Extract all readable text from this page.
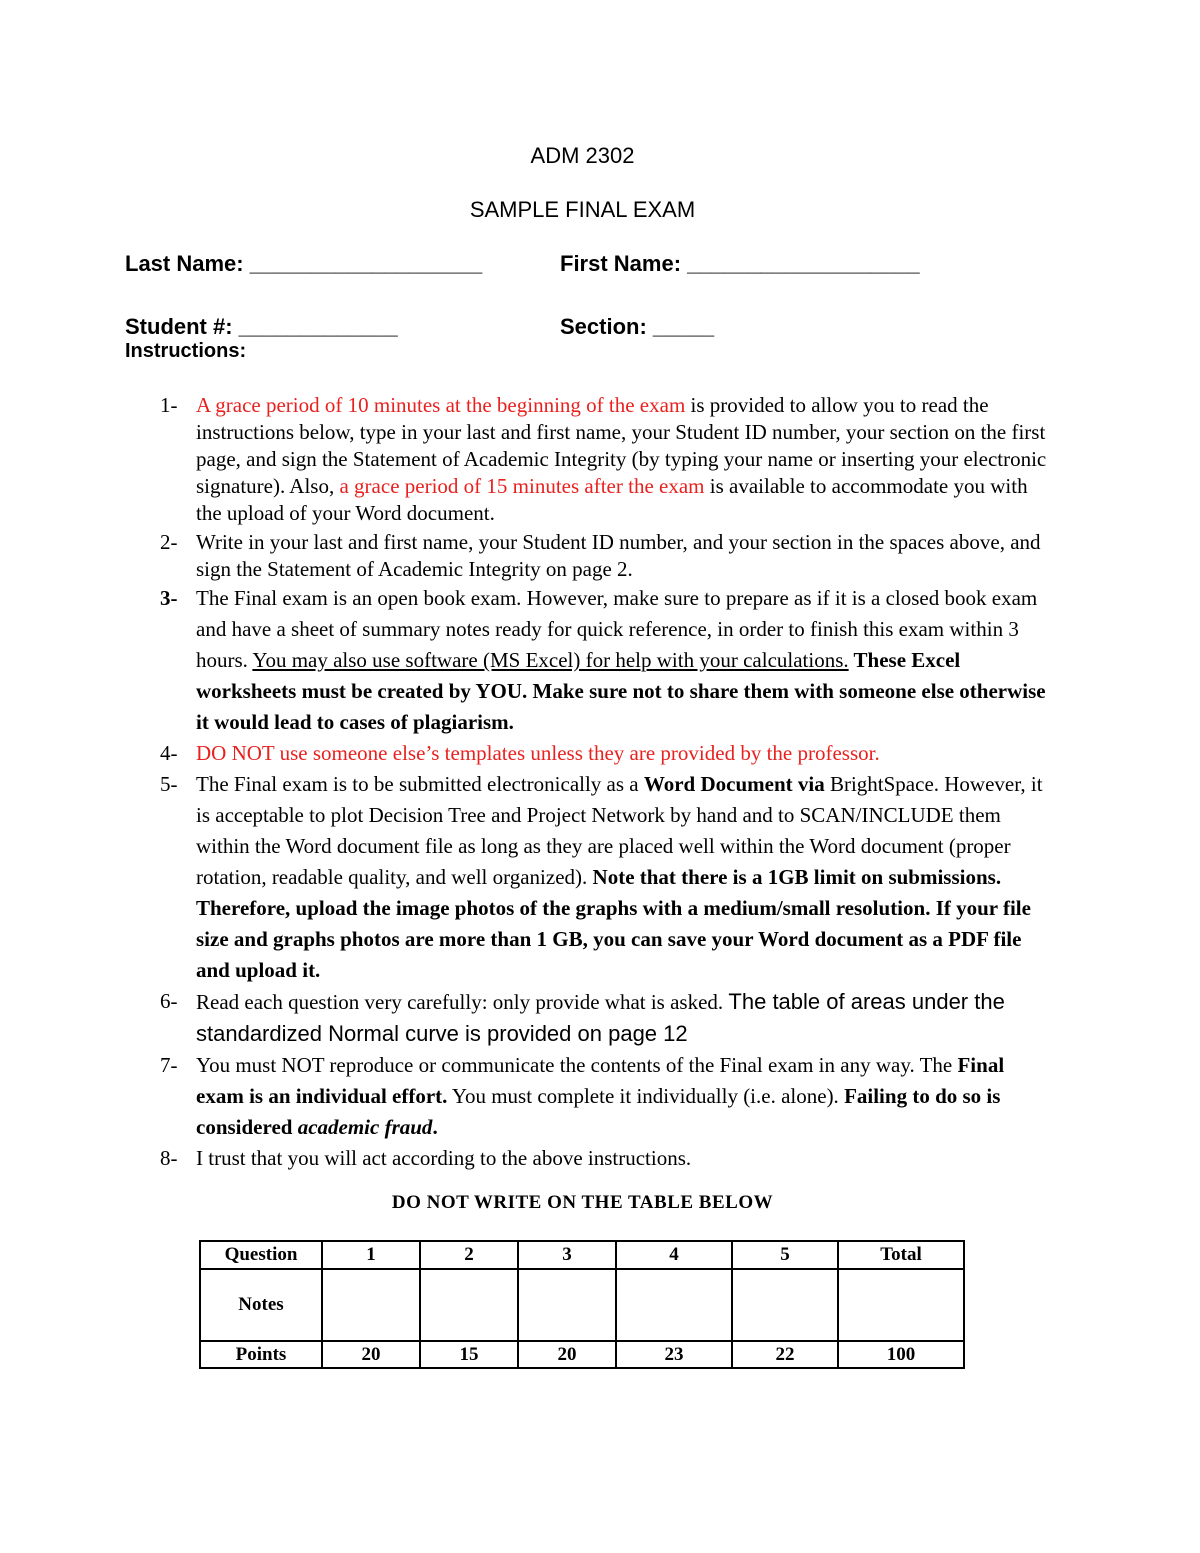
ADM 2302
SAMPLE FINAL EXAM
Last Name: ___________________	First Name: ___________________
Student #: _____________	Section: _____
Instructions:
1- A grace period of 10 minutes at the beginning of the exam is provided to allow you to read the instructions below, type in your last and first name, your Student ID number, your section on the first page, and sign the Statement of Academic Integrity (by typing your name or inserting your electronic signature). Also, a grace period of 15 minutes after the exam is available to accommodate you with the upload of your Word document.
2- Write in your last and first name, your Student ID number, and your section in the spaces above, and sign the Statement of Academic Integrity on page 2.
3- The Final exam is an open book exam. However, make sure to prepare as if it is a closed book exam and have a sheet of summary notes ready for quick reference, in order to finish this exam within 3 hours. You may also use software (MS Excel) for help with your calculations. These Excel worksheets must be created by YOU. Make sure not to share them with someone else otherwise it would lead to cases of plagiarism.
4- DO NOT use someone else’s templates unless they are provided by the professor.
5- The Final exam is to be submitted electronically as a Word Document via BrightSpace. However, it is acceptable to plot Decision Tree and Project Network by hand and to SCAN/INCLUDE them within the Word document file as long as they are placed well within the Word document (proper rotation, readable quality, and well organized). Note that there is a 1GB limit on submissions. Therefore, upload the image photos of the graphs with a medium/small resolution. If your file size and graphs photos are more than 1 GB, you can save your Word document as a PDF file and upload it.
6- Read each question very carefully: only provide what is asked. The table of areas under the standardized Normal curve is provided on page 12
7- You must NOT reproduce or communicate the contents of the Final exam in any way. The Final exam is an individual effort. You must complete it individually (i.e. alone). Failing to do so is considered academic fraud.
8- I trust that you will act according to the above instructions.
DO NOT WRITE ON THE TABLE BELOW
Question	1	2	3	4	5	Total
Notes						
Points	20	15	20	23	22	100
